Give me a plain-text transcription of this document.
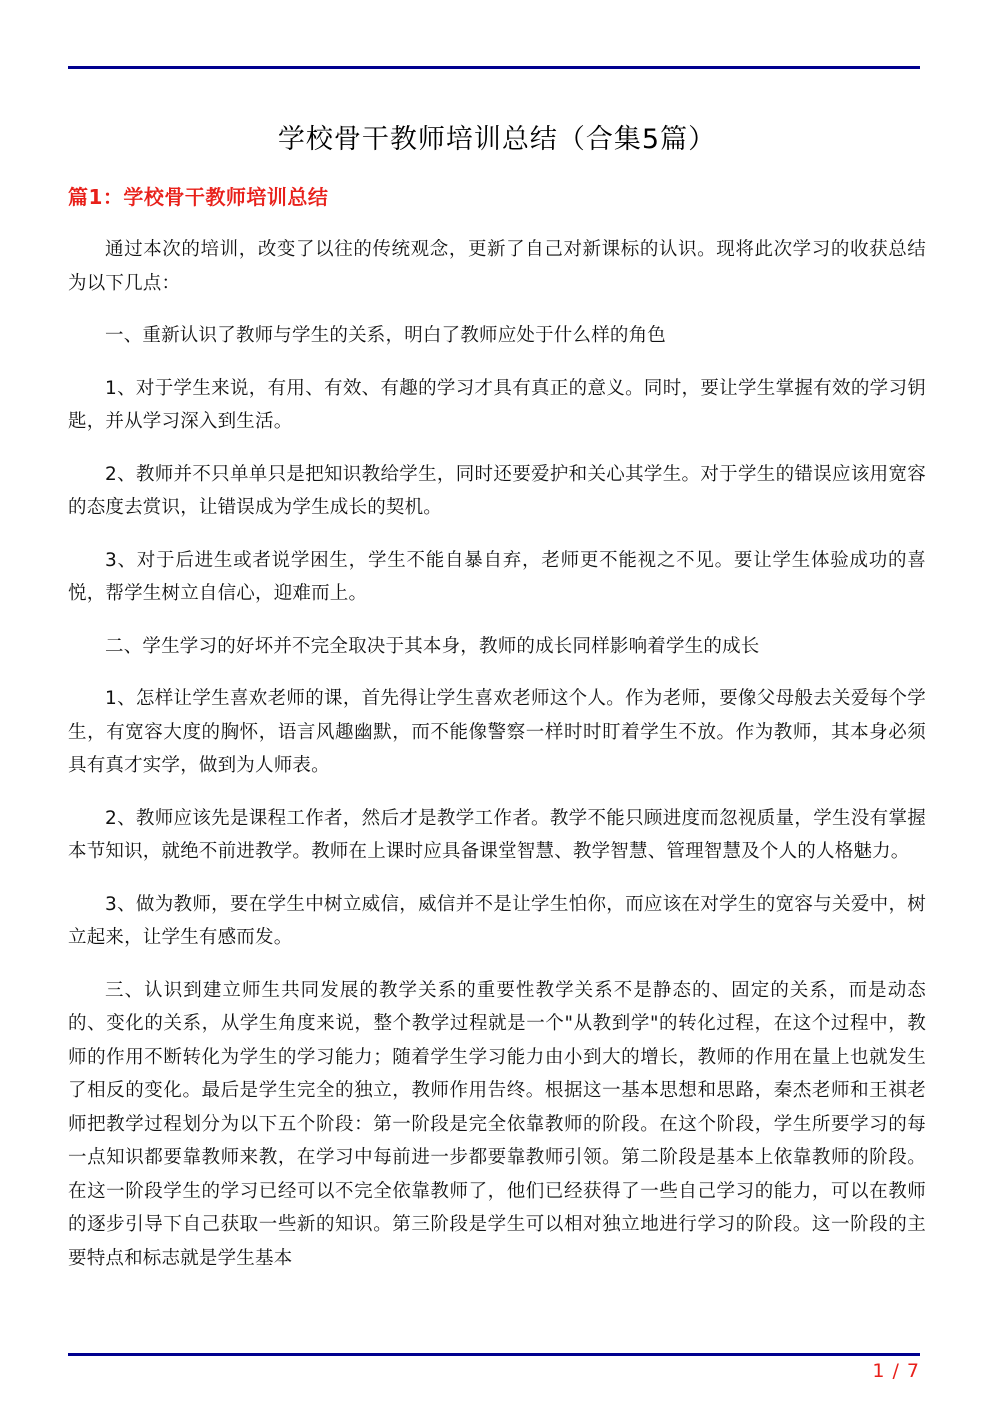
学校骨干教师培训总结（合集5篇）
篇1：学校骨干教师培训总结

通过本次的培训，改变了以往的传统观念，更新了自己对新课标的认识。现将此次学习的收获总结为以下几点：

一、重新认识了教师与学生的关系，明白了教师应处于什么样的角色

1、对于学生来说，有用、有效、有趣的学习才具有真正的意义。同时，要让学生掌握有效的学习钥匙，并从学习深入到生活。

2、教师并不只单单只是把知识教给学生，同时还要爱护和关心其学生。对于学生的错误应该用宽容的态度去赏识，让错误成为学生成长的契机。

3、对于后进生或者说学困生，学生不能自暴自弃，老师更不能视之不见。要让学生体验成功的喜悦，帮学生树立自信心，迎难而上。

二、学生学习的好坏并不完全取决于其本身，教师的成长同样影响着学生的成长

1、怎样让学生喜欢老师的课，首先得让学生喜欢老师这个人。作为老师，要像父母般去关爱每个学生，有宽容大度的胸怀，语言风趣幽默，而不能像警察一样时时盯着学生不放。作为教师，其本身必须具有真才实学，做到为人师表。

2、教师应该先是课程工作者，然后才是教学工作者。教学不能只顾进度而忽视质量，学生没有掌握本节知识，就绝不前进教学。教师在上课时应具备课堂智慧、教学智慧、管理智慧及个人的人格魅力。

3、做为教师，要在学生中树立威信，威信并不是让学生怕你，而应该在对学生的宽容与关爱中，树立起来，让学生有感而发。

三、认识到建立师生共同发展的教学关系的重要性教学关系不是静态的、固定的关系，而是动态的、变化的关系，从学生角度来说，整个教学过程就是一个"从教到学"的转化过程，在这个过程中，教师的作用不断转化为学生的学习能力；随着学生学习能力由小到大的增长，教师的作用在量上也就发生了相反的变化。最后是学生完全的独立，教师作用告终。根据这一基本思想和思路，秦杰老师和王祺老师把教学过程划分为以下五个阶段：第一阶段是完全依靠教师的阶段。在这个阶段，学生所要学习的每一点知识都要靠教师来教，在学习中每前进一步都要靠教师引领。第二阶段是基本上依靠教师的阶段。在这一阶段学生的学习已经可以不完全依靠教师了，他们已经获得了一些自己学习的能力，可以在教师的逐步引导下自己获取一些新的知识。第三阶段是学生可以相对独立地进行学习的阶段。这一阶段的主要特点和标志就是学生基本

1 / 7
